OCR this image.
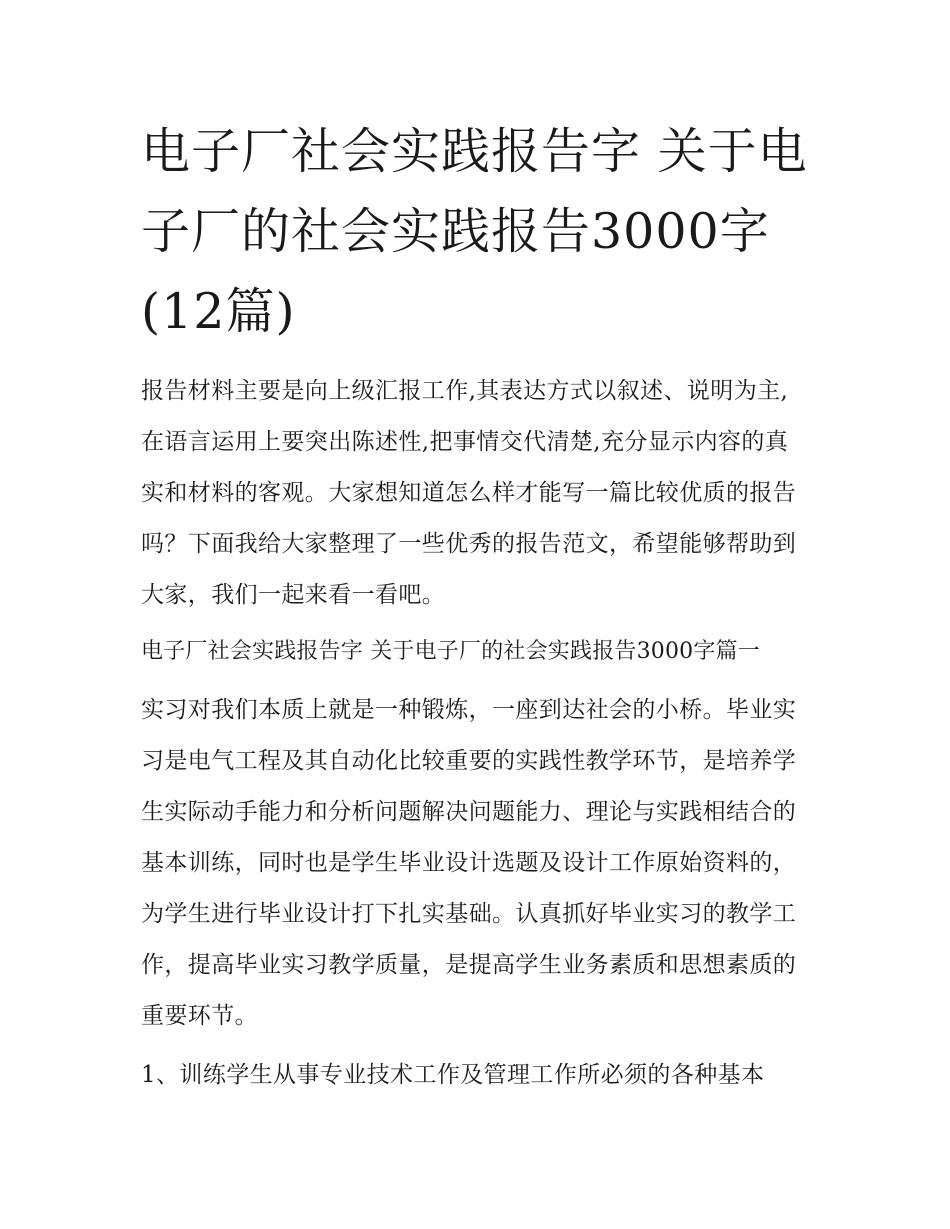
电子厂社会实践报告字 关于电子厂的社会实践报告3000字(12篇)

报告材料主要是向上级汇报工作,其表达方式以叙述、说明为主,在语言运用上要突出陈述性,把事情交代清楚,充分显示内容的真实和材料的客观。大家想知道怎么样才能写一篇比较优质的报告吗？下面我给大家整理了一些优秀的报告范文，希望能够帮助到大家，我们一起来看一看吧。

电子厂社会实践报告字 关于电子厂的社会实践报告3000字篇一

实习对我们本质上就是一种锻炼，一座到达社会的小桥。毕业实习是电气工程及其自动化比较重要的实践性教学环节，是培养学生实际动手能力和分析问题解决问题能力、理论与实践相结合的基本训练，同时也是学生毕业设计选题及设计工作原始资料的，为学生进行毕业设计打下扎实基础。认真抓好毕业实习的教学工作，提高毕业实习教学质量，是提高学生业务素质和思想素质的重要环节。

1、训练学生从事专业技术工作及管理工作所必须的各种基本
